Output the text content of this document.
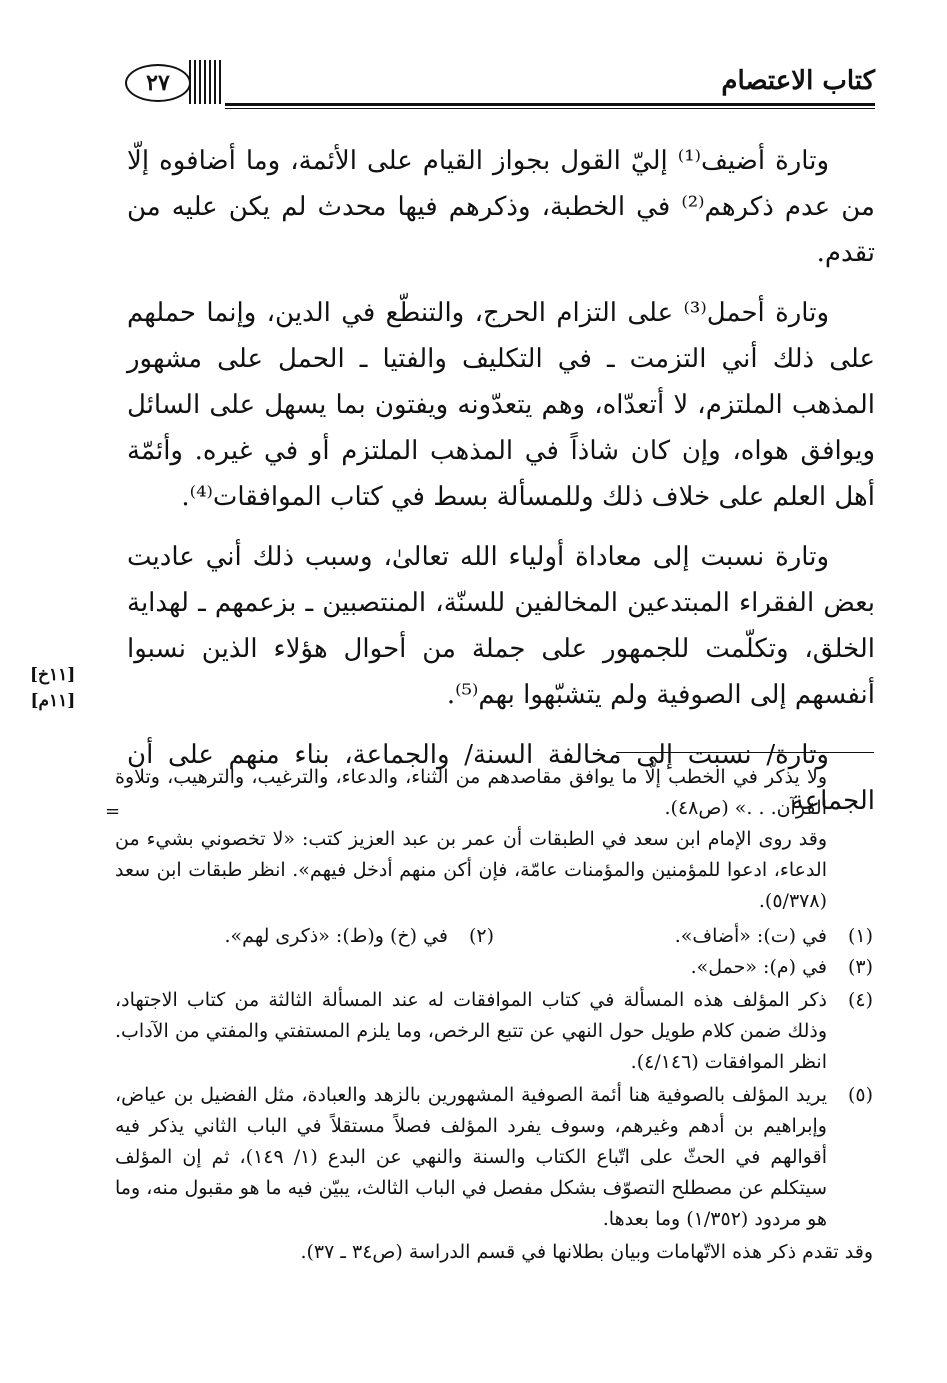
٢٧	كتاب الاعتصام

وتارة أضيف⁽¹⁾ إليّ القول بجواز القيام على الأئمة، وما أضافوه إلّا من عدم ذكرهم⁽²⁾ في الخطبة، وذكرهم فيها محدث لم يكن عليه من تقدم.

وتارة أحمل⁽³⁾ على التزام الحرج، والتنطّع في الدين، وإنما حملهم على ذلك أني التزمت ـ في التكليف والفتيا ـ الحمل على مشهور المذهب الملتزم، لا أتعدّاه، وهم يتعدّونه ويفتون بما يسهل على السائل ويوافق هواه، وإن كان شاذاً في المذهب الملتزم أو في غيره. وأئمّة أهل العلم على خلاف ذلك وللمسألة بسط في كتاب الموافقات⁽⁴⁾.

وتارة نسبت إلى معاداة أولياء الله تعالىٰ، وسبب ذلك أني عاديت بعض الفقراء المبتدعين المخالفين للسنّة، المنتصبين ـ بزعمهم ـ لهداية الخلق، وتكلّمت للجمهور على جملة من أحوال هؤلاء الذين نسبوا أنفسهم إلى الصوفية ولم يتشبّهوا بهم⁽⁵⁾.

وتارة/ نسبت إلى مخالفة السنة/ والجماعة، بناء منهم على أن الجماعة

[١١خ]
[١١م]
=
ولا يذكر في الخطب إلّا ما يوافق مقاصدهم من الثناء، والدعاء، والترغيب، والترهيب، وتلاوة القرآن. . .» (ص٤٨).
وقد روى الإمام ابن سعد في الطبقات أن عمر بن عبد العزيز كتب: «لا تخصوني بشيء من الدعاء، ادعوا للمؤمنين والمؤمنات عامّة، فإن أكن منهم أدخل فيهم». انظر طبقات ابن سعد (٥/٣٧٨).
(١)
في (ت): «أضاف».
(٢)
في (خ) و(ط): «ذكرى لهم».
(٣)
في (م): «حمل».
(٤)
ذكر المؤلف هذه المسألة في كتاب الموافقات له عند المسألة الثالثة من كتاب الاجتهاد، وذلك ضمن كلام طويل حول النهي عن تتبع الرخص، وما يلزم المستفتي والمفتي من الآداب. انظر الموافقات (٤/١٤٦).
(٥)
يريد المؤلف بالصوفية هنا أئمة الصوفية المشهورين بالزهد والعبادة، مثل الفضيل بن عياض، وإبراهيم بن أدهم وغيرهم، وسوف يفرد المؤلف فصلاً مستقلاً في الباب الثاني يذكر فيه أقوالهم في الحثّ على اتّباع الكتاب والسنة والنهي عن البدع (١/ ١٤٩)، ثم إن المؤلف سيتكلم عن مصطلح التصوّف بشكل مفصل في الباب الثالث، يبيّن فيه ما هو مقبول منه، وما هو مردود (١/٣٥٢) وما بعدها.
وقد تقدم ذكر هذه الاتّهامات وبيان بطلانها في قسم الدراسة (ص٣٤ ـ ٣٧).
